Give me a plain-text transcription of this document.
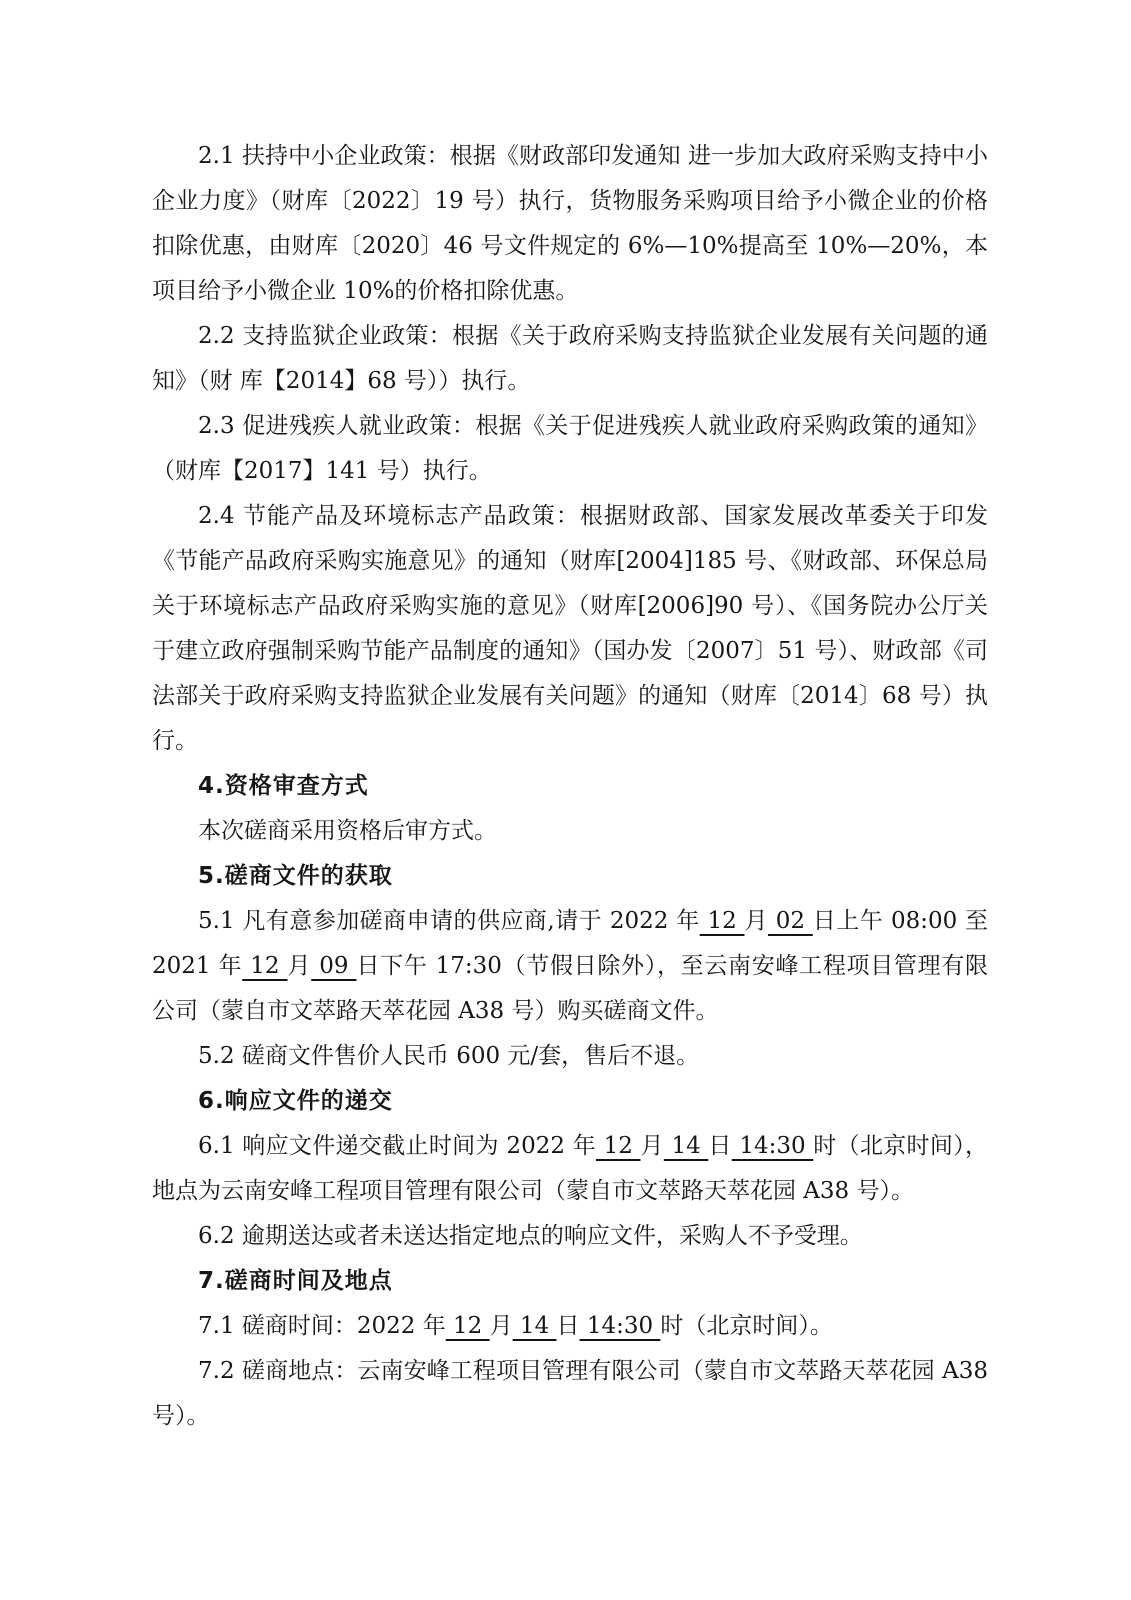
2.1 扶持中小企业政策：根据《财政部印发通知 进一步加大政府采购支持中小企业力度》（财库〔2022〕19 号）执行，货物服务采购项目给予小微企业的价格扣除优惠，由财库〔2020〕46 号文件规定的 6%—10%提高至 10%—20%，本项目给予小微企业 10%的价格扣除优惠。

2.2 支持监狱企业政策：根据《关于政府采购支持监狱企业发展有关问题的通知》（财 库【2014】68 号））执行。

2.3 促进残疾人就业政策：根据《关于促进残疾人就业政府采购政策的通知》（财库【2017】141 号）执行。

2.4 节能产品及环境标志产品政策：根据财政部、国家发展改革委关于印发《节能产品政府采购实施意见》的通知（财库[2004]185 号、《财政部、环保总局关于环境标志产品政府采购实施的意见》（财库[2006]90 号）、《国务院办公厅关于建立政府强制采购节能产品制度的通知》（国办发〔2007〕51 号）、财政部《司法部关于政府采购支持监狱企业发展有关问题》的通知（财库〔2014〕68 号）执行。

4.资格审查方式

本次磋商采用资格后审方式。

5.磋商文件的获取

5.1 凡有意参加磋商申请的供应商,请于 2022 年 12 月 02 日上午 08:00 至 2021 年 12 月 09 日下午 17:30（节假日除外），至云南安峰工程项目管理有限公司（蒙自市文萃路天萃花园 A38 号）购买磋商文件。

5.2 磋商文件售价人民币 600 元/套，售后不退。

6.响应文件的递交

6.1 响应文件递交截止时间为 2022 年 12 月 14 日 14:30 时（北京时间），地点为云南安峰工程项目管理有限公司（蒙自市文萃路天萃花园 A38 号）。

6.2 逾期送达或者未送达指定地点的响应文件，采购人不予受理。

7.磋商时间及地点

7.1 磋商时间：2022 年 12 月 14 日 14:30 时（北京时间）。

7.2 磋商地点：云南安峰工程项目管理有限公司（蒙自市文萃路天萃花园 A38 号）。
